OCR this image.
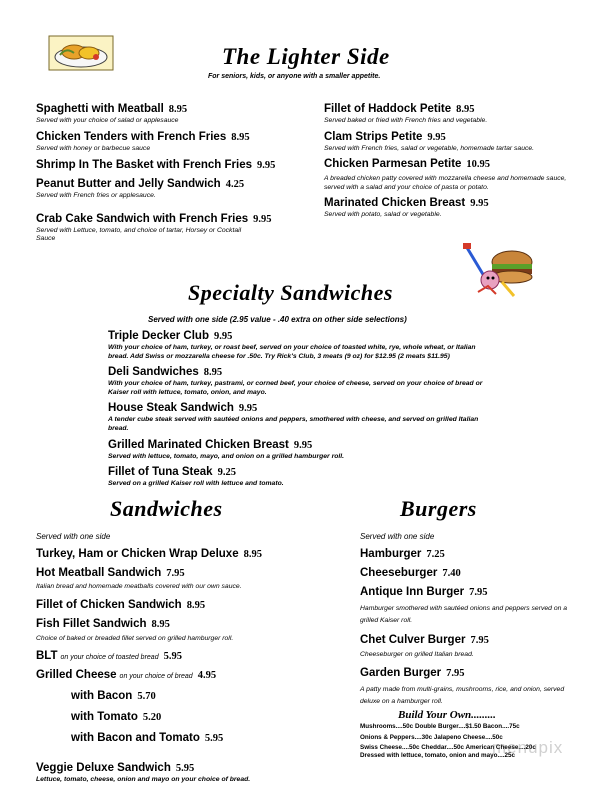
The Lighter Side
For seniors, kids, or anyone with a smaller appetite.
Spaghetti with Meatball 8.95
Served with your choice of salad or applesauce
Chicken Tenders with French Fries 8.95
Served with honey or barbecue sauce
Shrimp In The Basket with French Fries 9.95
Peanut Butter and Jelly Sandwich 4.25
Served with French fries or applesauce.
Crab Cake Sandwich with French Fries 9.95
Served with Lettuce, tomato, and choice of tartar, Horsey or Cocktail Sauce
Fillet of Haddock Petite 8.95
Served baked or fried with French fries and vegetable.
Clam Strips Petite 9.95
Served with French fries, salad or vegetable, homemade tartar sauce.
Chicken Parmesan Petite 10.95
A breaded chicken patty covered with mozzarella cheese and homemade sauce, served with a salad and your choice of pasta or potato.
Marinated Chicken Breast 9.95
Served with potato, salad or vegetable.
Specialty Sandwiches
Served with one side (2.95 value - .40 extra on other side selections)
Triple Decker Club 9.95
With your choice of ham, turkey, or roast beef, served on your choice of toasted white, rye, whole wheat, or Italian bread. Add Swiss or mozzarella cheese for .50c. Try Rick's Club, 3 meats (9 oz) for $12.95 (2 meats $11.95)
Deli Sandwiches 8.95
With your choice of ham, turkey, pastrami, or corned beef, your choice of cheese, served on your choice of bread or Kaiser roll with lettuce, tomato, onion, and mayo.
House Steak Sandwich 9.95
A tender cube steak served with sautéed onions and peppers, smothered with cheese, and served on grilled Italian bread.
Grilled Marinated Chicken Breast 9.95
Served with lettuce, tomato, mayo, and onion on a grilled hamburger roll.
Fillet of Tuna Steak 9.25
Served on a grilled Kaiser roll with lettuce and tomato.
Sandwiches
Served with one side
Turkey, Ham or Chicken Wrap Deluxe 8.95
Hot Meatball Sandwich 7.95
Italian bread and homemade meatballs covered with our own sauce.
Fillet of Chicken Sandwich 8.95
Fish Fillet Sandwich 8.95
Choice of baked or breaded fillet served on grilled hamburger roll.
BLT on your choice of toasted bread 5.95
Grilled Cheese on your choice of bread 4.95
with Bacon 5.70
with Tomato 5.20
with Bacon and Tomato 5.95
Veggie Deluxe Sandwich 5.95
Lettuce, tomato, cheese, onion and mayo on your choice of bread.
Burgers
Served with one side
Hamburger 7.25
Cheeseburger 7.40
Antique Inn Burger 7.95
Hamburger smothered with sautéed onions and peppers served on a grilled Kaiser roll.
Chet Culver Burger 7.95
Cheeseburger on grilled Italian bread.
Garden Burger 7.95
A patty made from multi-grains, mushrooms, rice, and onion, served deluxe on a hamburger roll.
Build Your Own.........
Mushrooms....50c Double Burger....$1.50 Bacon....75c
Onions & Peppers....30c Jalapeno Cheese....50c
Swiss Cheese....50c Cheddar....50c American Cheese....20c
Dressed with lettuce, tomato, onion and mayo....25c
menupix
